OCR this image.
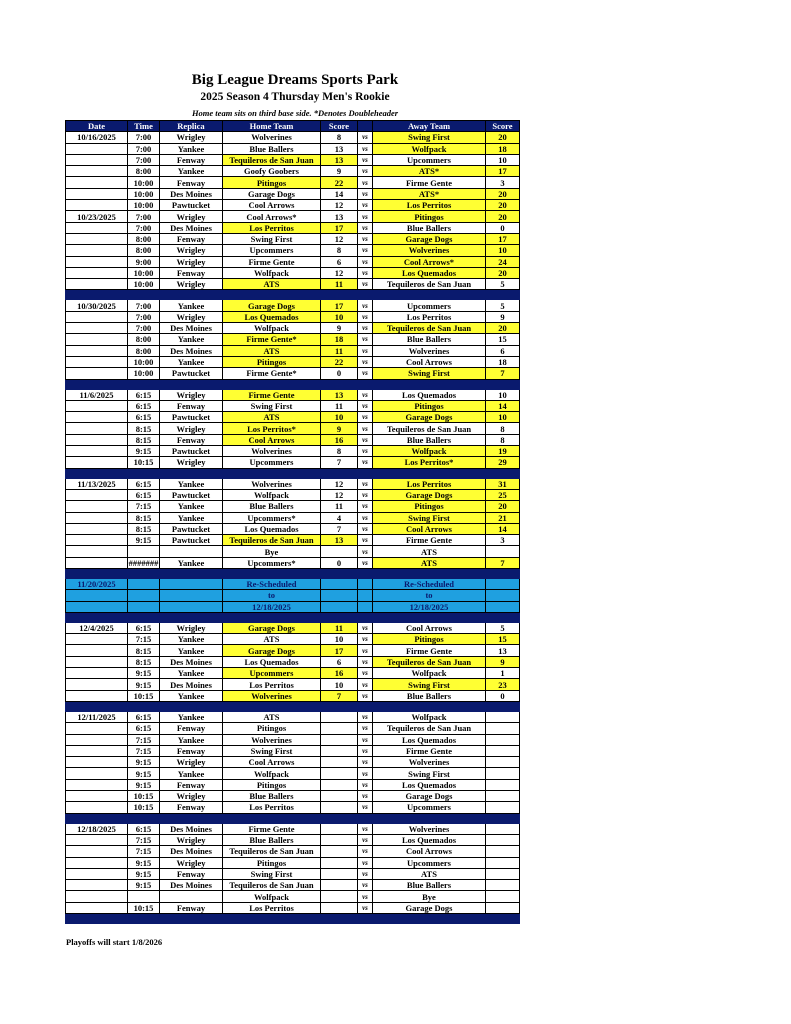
Big League Dreams Sports Park
2025 Season 4 Thursday Men's Rookie
Home team sits on third base side. *Denotes Doubleheader
Date	Time	Replica	Home Team	Score		Away Team	Score
10/16/2025	7:00	Wrigley	Wolverines	8	vs	Swing First	20
	7:00	Yankee	Blue Ballers	13	vs	Wolfpack	18
	7:00	Fenway	Tequileros de San Juan	13	vs	Upcommers	10
	8:00	Yankee	Goofy Goobers	9	vs	ATS*	17
	10:00	Fenway	Pitingos	22	vs	Firme Gente	3
	10:00	Des Moines	Garage Dogs	14	vs	ATS*	20
	10:00	Pawtucket	Cool Arrows	12	vs	Los Perritos	20
10/23/2025	7:00	Wrigley	Cool Arrows*	13	vs	Pitingos	20
	7:00	Des Moines	Los Perritos	17	vs	Blue Ballers	0
	8:00	Fenway	Swing First	12	vs	Garage Dogs	17
	8:00	Wrigley	Upcommers	8	vs	Wolverines	10
	9:00	Wrigley	Firme Gente	6	vs	Cool Arrows*	24
	10:00	Fenway	Wolfpack	12	vs	Los Quemados	20
	10:00	Wrigley	ATS	11	vs	Tequileros de San Juan	5

10/30/2025	7:00	Yankee	Garage Dogs	17	vs	Upcommers	5
	7:00	Wrigley	Los Quemados	10	vs	Los Perritos	9
	7:00	Des Moines	Wolfpack	9	vs	Tequileros de San Juan	20
	8:00	Yankee	Firme Gente*	18	vs	Blue Ballers	15
	8:00	Des Moines	ATS	11	vs	Wolverines	6
	10:00	Yankee	Pitingos	22	vs	Cool Arrows	18
	10:00	Pawtucket	Firme Gente*	0	vs	Swing First	7

11/6/2025	6:15	Wrigley	Firme Gente	13	vs	Los Quemados	10
	6:15	Fenway	Swing First	11	vs	Pitingos	14
	6:15	Pawtucket	ATS	10	vs	Garage Dogs	10
	8:15	Wrigley	Los Perritos*	9	vs	Tequileros de San Juan	8
	8:15	Fenway	Cool Arrows	16	vs	Blue Ballers	8
	9:15	Pawtucket	Wolverines	8	vs	Wolfpack	19
	10:15	Wrigley	Upcommers	7	vs	Los Perritos*	29

11/13/2025	6:15	Yankee	Wolverines	12	vs	Los Perritos	31
	6:15	Pawtucket	Wolfpack	12	vs	Garage Dogs	25
	7:15	Yankee	Blue Ballers	11	vs	Pitingos	20
	8:15	Yankee	Upcommers*	4	vs	Swing First	21
	8:15	Pawtucket	Los Quemados	7	vs	Cool Arrows	14
	9:15	Pawtucket	Tequileros de San Juan	13	vs	Firme Gente	3
			Bye		vs	ATS	
	#######	Yankee	Upcommers*	0	vs	ATS	7

11/20/2025			Re-Scheduled			Re-Scheduled	
			to			to	
			12/18/2025			12/18/2025	

12/4/2025	6:15	Wrigley	Garage Dogs	11	vs	Cool Arrows	5
	7:15	Yankee	ATS	10	vs	Pitingos	15
	8:15	Yankee	Garage Dogs	17	vs	Firme Gente	13
	8:15	Des Moines	Los Quemados	6	vs	Tequileros de San Juan	9
	9:15	Yankee	Upcommers	16	vs	Wolfpack	1
	9:15	Des Moines	Los Perritos	10	vs	Swing First	23
	10:15	Yankee	Wolverines	7	vs	Blue Ballers	0

12/11/2025	6:15	Yankee	ATS		vs	Wolfpack	
	6:15	Fenway	Pitingos		vs	Tequileros de San Juan	
	7:15	Yankee	Wolverines		vs	Los Quemados	
	7:15	Fenway	Swing First		vs	Firme Gente	
	9:15	Wrigley	Cool Arrows		vs	Wolverines	
	9:15	Yankee	Wolfpack		vs	Swing First	
	9:15	Fenway	Pitingos		vs	Los Quemados	
	10:15	Wrigley	Blue Ballers		vs	Garage Dogs	
	10:15	Fenway	Los Perritos		vs	Upcommers	

12/18/2025	6:15	Des Moines	Firme Gente		vs	Wolverines	
	7:15	Wrigley	Blue Ballers		vs	Los Quemados	
	7:15	Des Moines	Tequileros de San Juan		vs	Cool Arrows	
	9:15	Wrigley	Pitingos		vs	Upcommers	
	9:15	Fenway	Swing First		vs	ATS	
	9:15	Des Moines	Tequileros de San Juan		vs	Blue Ballers	
			Wolfpack		vs	Bye	
	10:15	Fenway	Los Perritos		vs	Garage Dogs	

Playoffs will start 1/8/2026
